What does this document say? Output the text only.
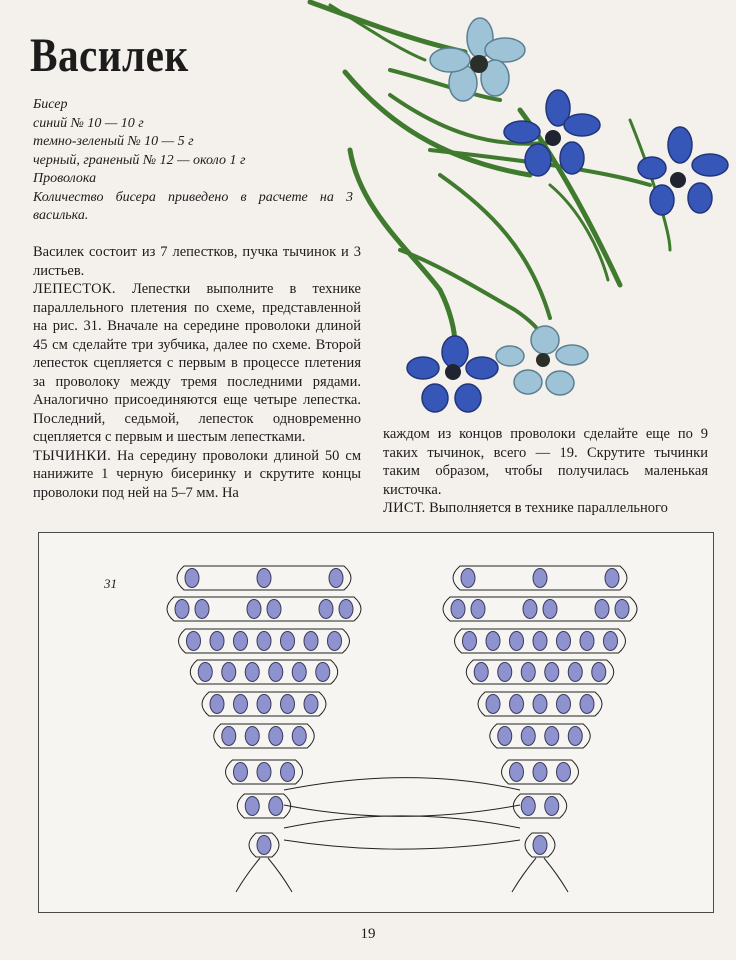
Василек
Бисер
синий № 10 — 10 г
темно-зеленый № 10 — 5 г
черный, граненый № 12 — около 1 г
Проволока
Количество бисера приведено в расчете на 3 василька.

Василек состоит из 7 лепестков, пучка тычинок и 3 листьев.

ЛЕПЕСТОК. Лепестки выполните в технике параллельного плетения по схеме, представленной на рис. 31. Вначале на середине проволоки длиной 45 см сделайте три зубчика, далее по схеме. Второй лепесток сцепляется с первым в процессе плетения за проволоку между тремя последними рядами. Аналогично присоединяются еще четыре лепестка. Последний, седьмой, лепесток одновременно сцепляется с первым и шестым лепестками.

ТЫЧИНКИ. На середину проволоки длиной 50 см нанижите 1 черную бисеринку и скрутите концы проволоки под ней на 5–7 мм. На

каждом из концов проволоки сделайте еще по 9 таких тычинок, всего — 19. Скрутите тычинки таким образом, чтобы получилась маленькая кисточка.

ЛИСТ. Выполняется в технике параллельного

31
19
